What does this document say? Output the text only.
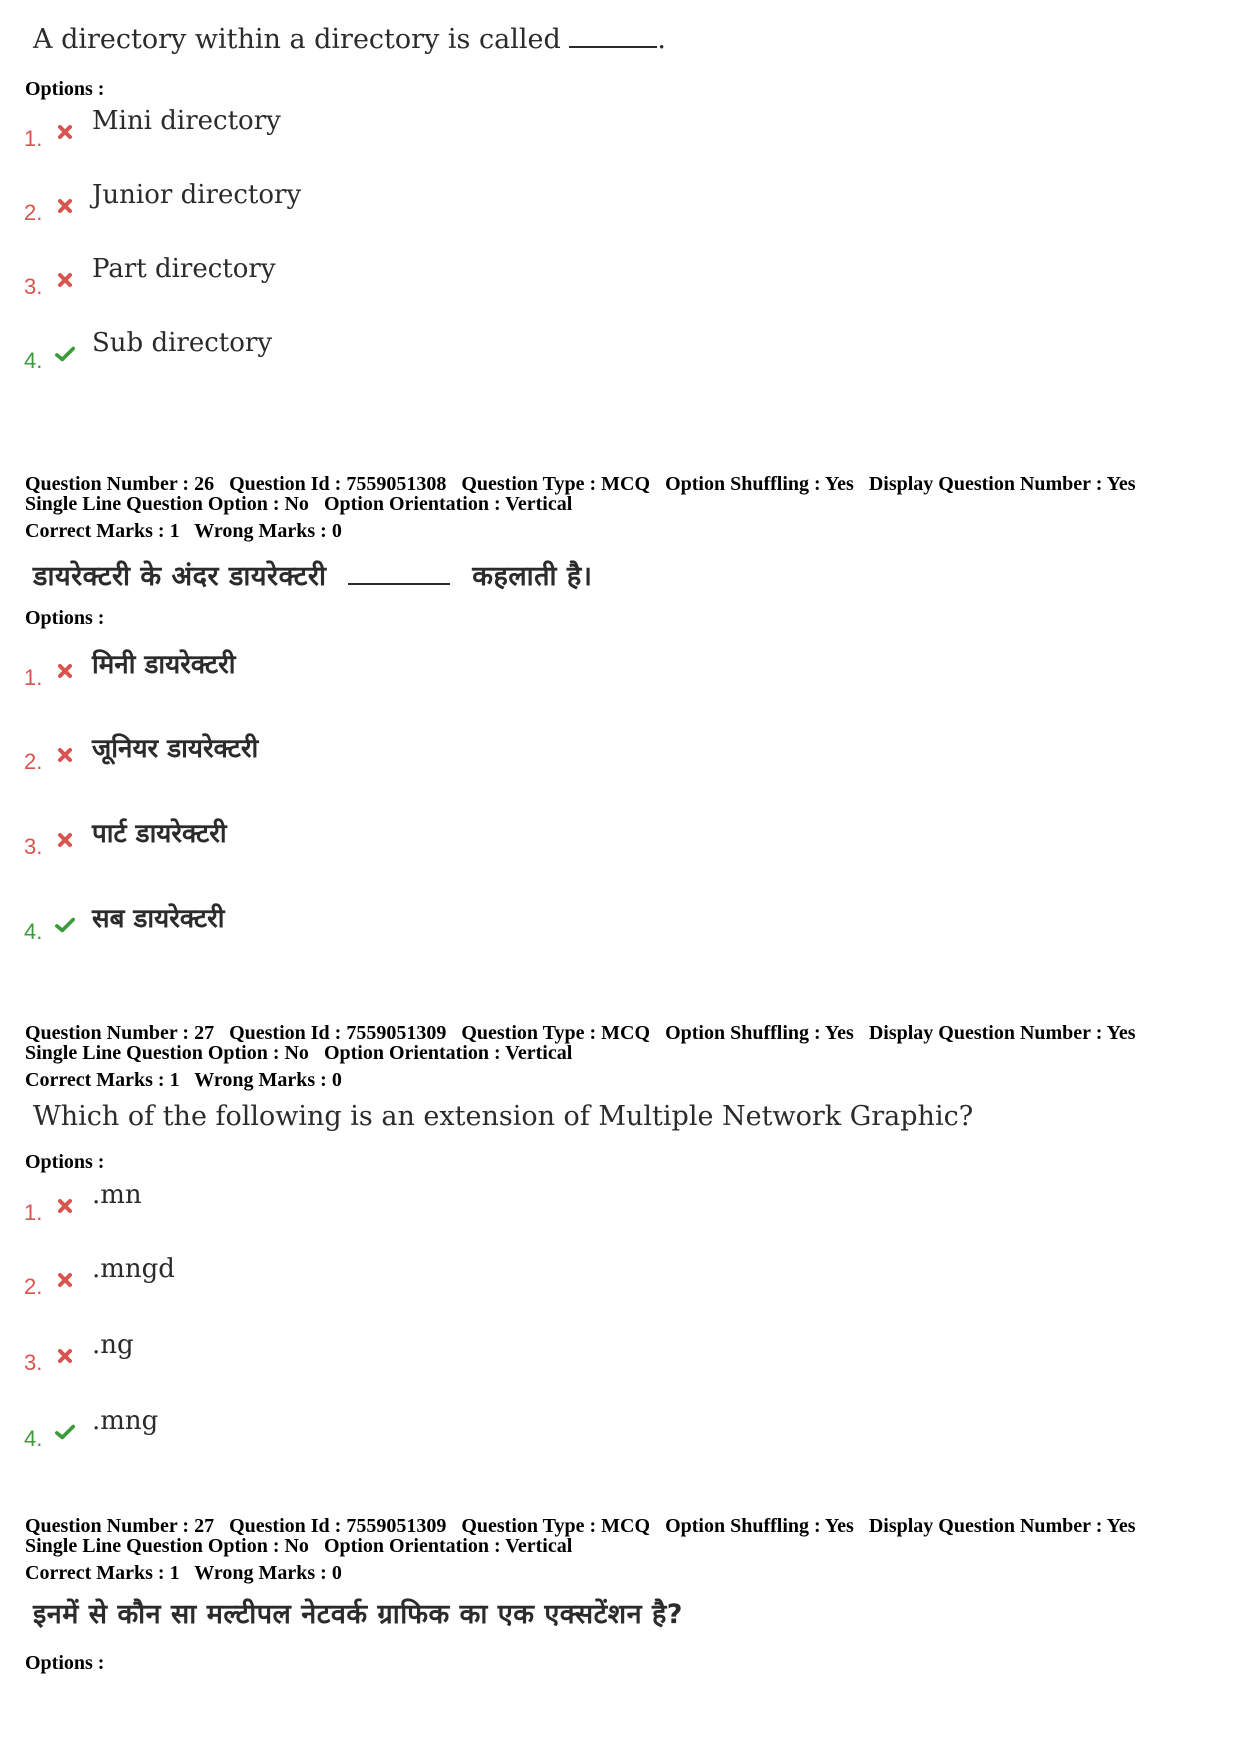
A directory within a directory is called	.
Options :
1.
Mini directory
2.
Junior directory
3.
Part directory
4.
Sub directory
Question Number : 26 Question Id : 7559051308 Question Type : MCQ Option Shuffling : Yes Display Question Number : Yes
Single Line Question Option : No Option Orientation : Vertical
Correct Marks : 1 Wrong Marks : 0
डायरेक्टरी के अंदर डायरेक्टरी	कहलाती है।
Options :
1. मिनी डायरेक्टरी
2. जूनियर डायरेक्टरी
3. पार्ट डायरेक्टरी
4. सब डायरेक्टरी
Question Number : 27 Question Id : 7559051309 Question Type : MCQ Option Shuffling : Yes Display Question Number : Yes
Single Line Question Option : No Option Orientation : Vertical
Correct Marks : 1 Wrong Marks : 0
Which of the following is an extension of Multiple Network Graphic?
Options :
1.
.mn
2.
.mngd
3.
.ng
4.
.mng
Question Number : 27 Question Id : 7559051309 Question Type : MCQ Option Shuffling : Yes Display Question Number : Yes
Single Line Question Option : No Option Orientation : Vertical
Correct Marks : 1 Wrong Marks : 0
इनमें से कौन सा मल्टीपल नेटवर्क ग्राफिक का एक एक्सटेंशन है?
Options :
